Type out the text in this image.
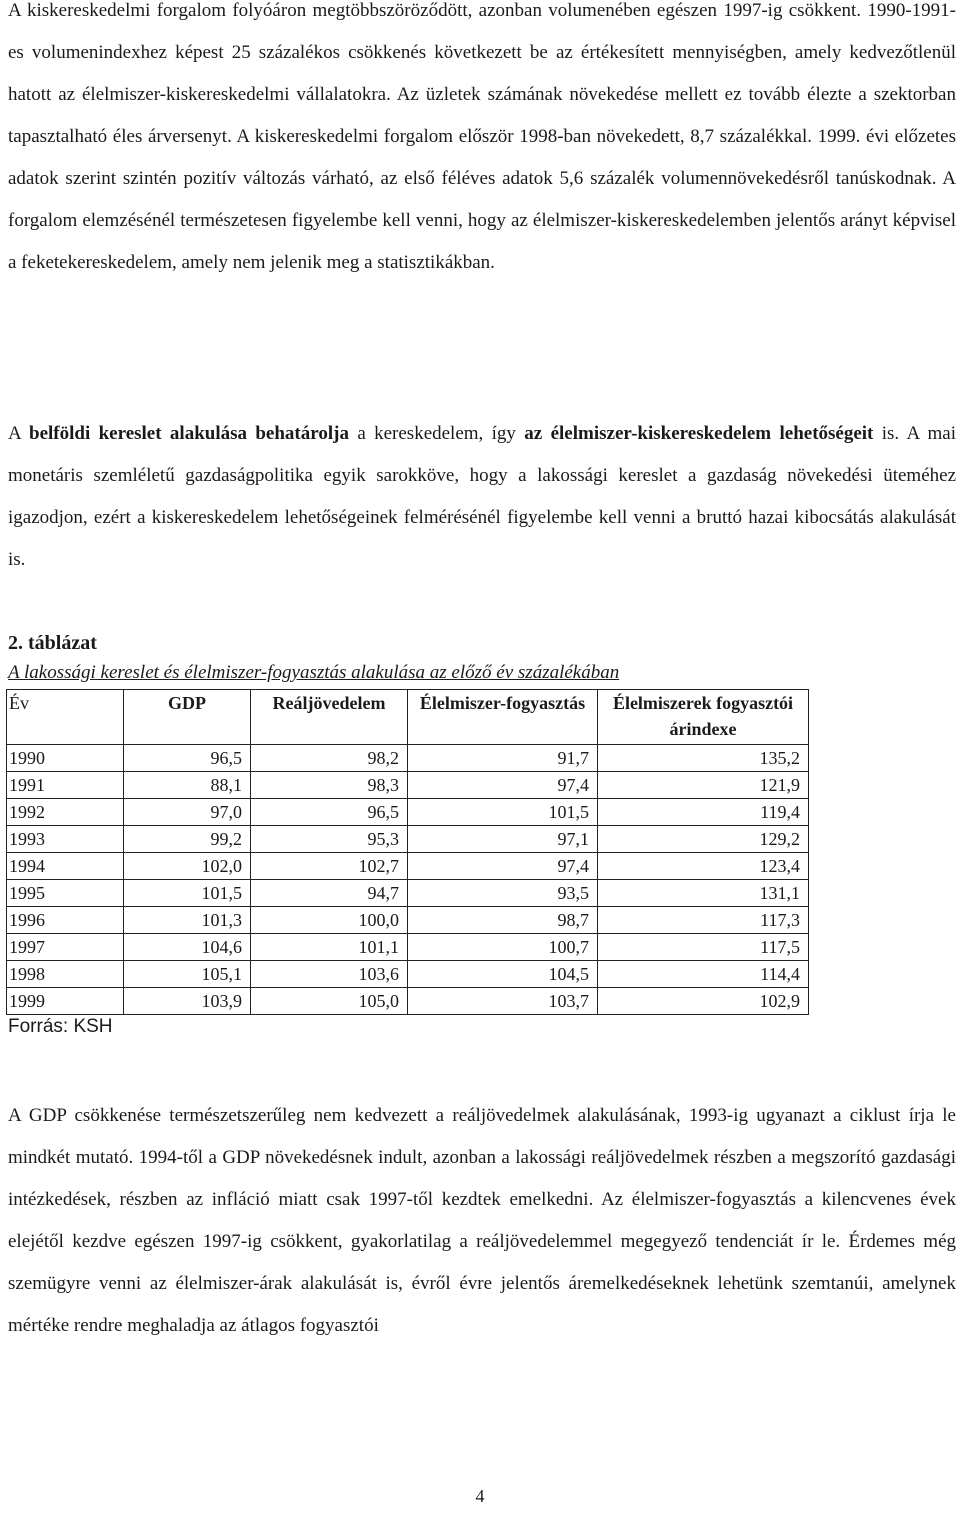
A kiskereskedelmi forgalom folyóáron megtöbbszöröződött, azonban volumenében egészen 1997-ig csökkent. 1990-1991-es volumenindexhez képest 25 százalékos csökkenés következett be az értékesített mennyiségben, amely kedvezőtlenül hatott az élelmiszer-kiskereskedelmi vállalatokra. Az üzletek számának növekedése mellett ez tovább élezte a szektorban tapasztalható éles árversenyt. A kiskereskedelmi forgalom először 1998-ban növekedett, 8,7 százalékkal. 1999. évi előzetes adatok szerint szintén pozitív változás várható, az első féléves adatok 5,6 százalék volumennövekedésről tanúskodnak. A forgalom elemzésénél természetesen figyelembe kell venni, hogy az élelmiszer-kiskereskedelemben jelentős arányt képvisel a feketekereskedelem, amely nem jelenik meg a statisztikákban.

A belföldi kereslet alakulása behatárolja a kereskedelem, így az élelmiszer-kiskereskedelem lehetőségeit is. A mai monetáris szemléletű gazdaságpolitika egyik sarokköve, hogy a lakossági kereslet a gazdaság növekedési üteméhez igazodjon, ezért a kiskereskedelem lehetőségeinek felmérésénél figyelembe kell venni a bruttó hazai kibocsátás alakulását is.

2. táblázat
A lakossági kereslet és élelmiszer-fogyasztás alakulása az előző év százalékában
Év	GDP	Reáljövedelem	Élelmiszer-fogyasztás	Élelmiszerek fogyasztói árindexe
1990	96,5	98,2	91,7	135,2
1991	88,1	98,3	97,4	121,9
1992	97,0	96,5	101,5	119,4
1993	99,2	95,3	97,1	129,2
1994	102,0	102,7	97,4	123,4
1995	101,5	94,7	93,5	131,1
1996	101,3	100,0	98,7	117,3
1997	104,6	101,1	100,7	117,5
1998	105,1	103,6	104,5	114,4
1999	103,9	105,0	103,7	102,9
Forrás: KSH

A GDP csökkenése természetszerűleg nem kedvezett a reáljövedelmek alakulásának, 1993-ig ugyanazt a ciklust írja le mindkét mutató. 1994-től a GDP növekedésnek indult, azonban a lakossági reáljövedelmek részben a megszorító gazdasági intézkedések, részben az infláció miatt csak 1997-től kezdtek emelkedni. Az élelmiszer-fogyasztás a kilencvenes évek elejétől kezdve egészen 1997-ig csökkent, gyakorlatilag a reáljövedelemmel megegyező tendenciát ír le. Érdemes még szemügyre venni az élelmiszer-árak alakulását is, évről évre jelentős áremelkedéseknek lehetünk szemtanúi, amelynek mértéke rendre meghaladja az átlagos fogyasztói

4
